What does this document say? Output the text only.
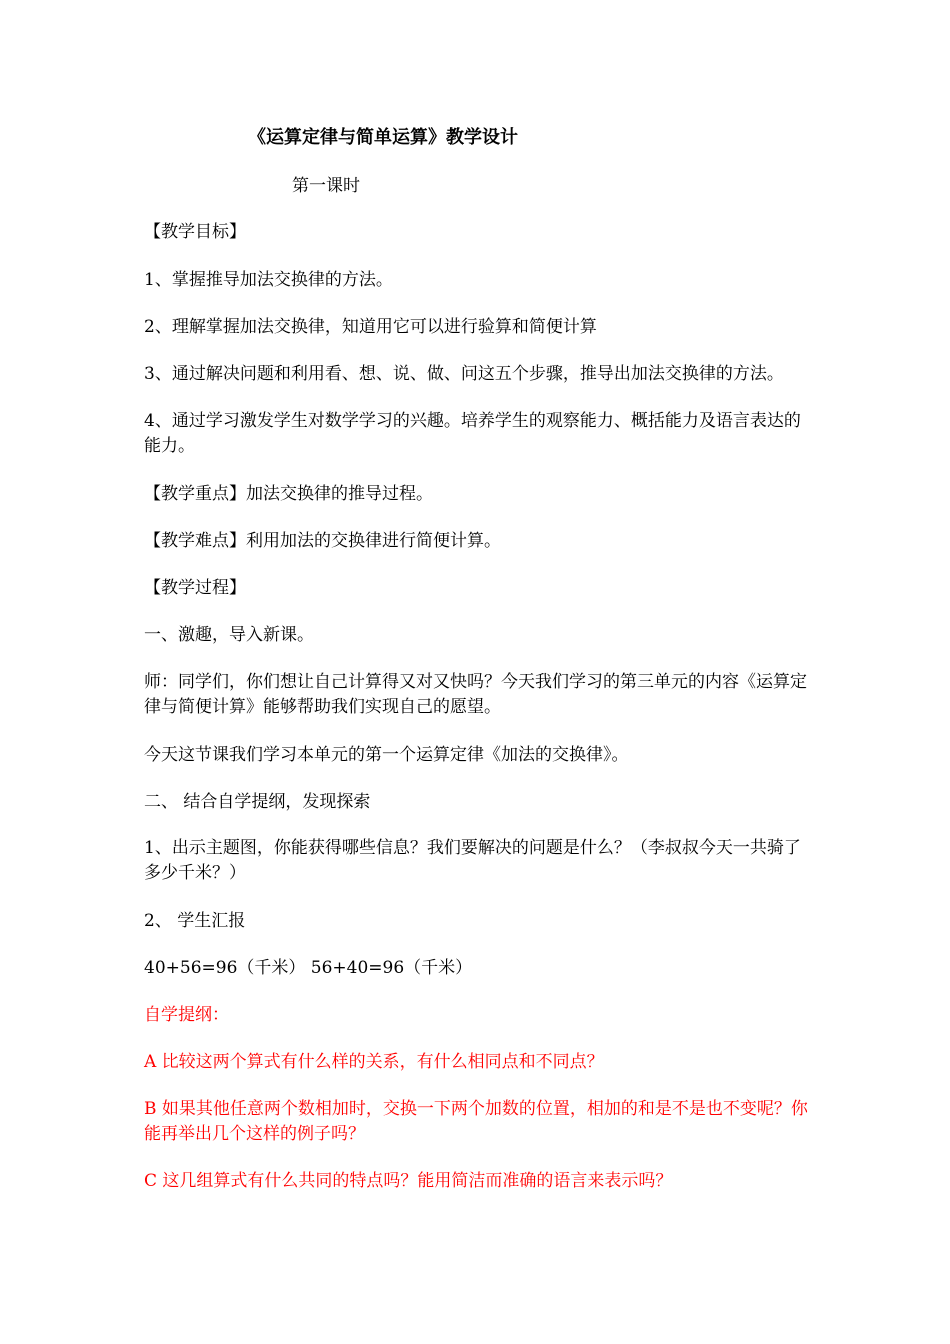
《运算定律与简单运算》教学设计
第一课时
【教学目标】
1、掌握推导加法交换律的方法。
2、理解掌握加法交换律，知道用它可以进行验算和简便计算
3、通过解决问题和利用看、想、说、做、问这五个步骤，推导出加法交换律的方法。
4、通过学习激发学生对数学学习的兴趣。培养学生的观察能力、概括能力及语言表达的能力。
【教学重点】加法交换律的推导过程。
【教学难点】利用加法的交换律进行简便计算。
【教学过程】
一、激趣，导入新课。
师：同学们，你们想让自己计算得又对又快吗？今天我们学习的第三单元的内容《运算定律与简便计算》能够帮助我们实现自己的愿望。
今天这节课我们学习本单元的第一个运算定律《加法的交换律》。
二、 结合自学提纲，发现探索
1、出示主题图，你能获得哪些信息？我们要解决的问题是什么？（李叔叔今天一共骑了多少千米？）
2、 学生汇报
40+56=96（千米） 56+40=96（千米）
自学提纲：
A 比较这两个算式有什么样的关系，有什么相同点和不同点？
B 如果其他任意两个数相加时，交换一下两个加数的位置，相加的和是不是也不变呢？你能再举出几个这样的例子吗？
C 这几组算式有什么共同的特点吗？能用简洁而准确的语言来表示吗？
